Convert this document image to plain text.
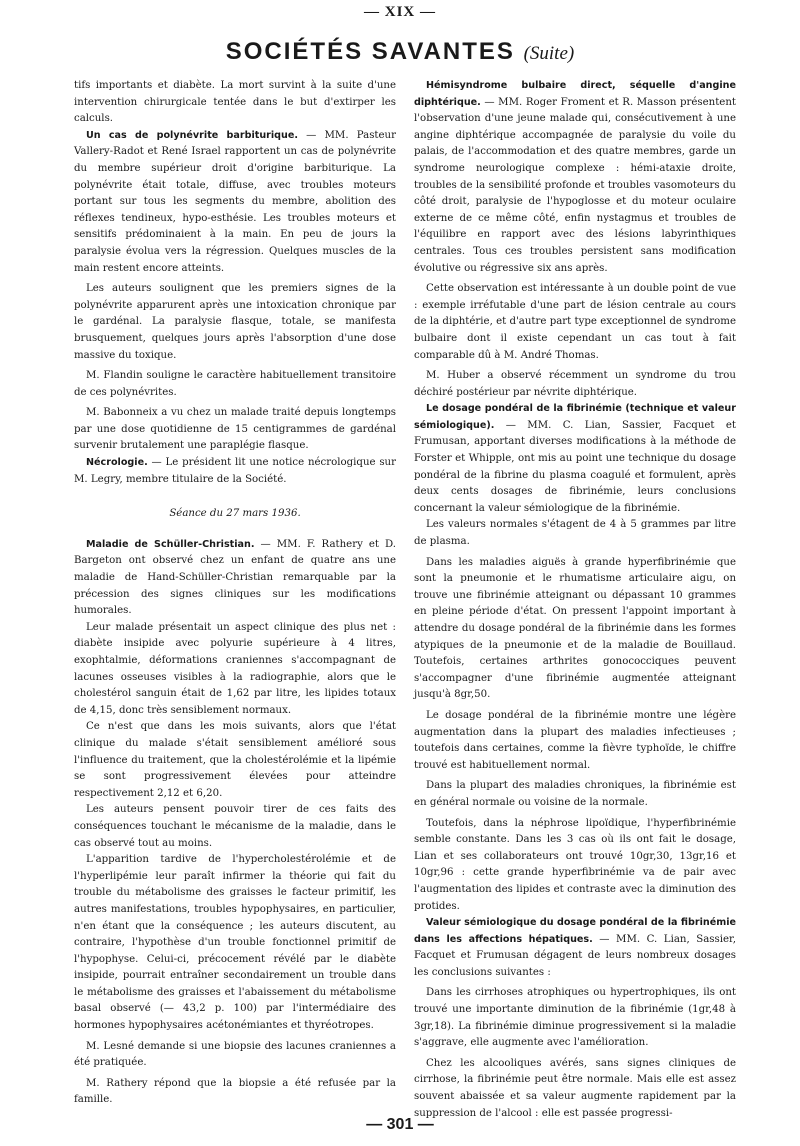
— XIX —
SOCIÉTÉS SAVANTES (Suite)

tifs importants et diabète. La mort survint à la suite d'une intervention chirurgicale tentée dans le but d'extirper les calculs.

Un cas de polynévrite barbiturique. — MM. Pasteur Vallery-Radot et René Israel rapportent un cas de polynévrite du membre supérieur droit d'origine barbiturique. La polynévrite était totale, diffuse, avec troubles moteurs portant sur tous les segments du membre, abolition des réflexes tendineux, hypo-esthésie. Les troubles moteurs et sensitifs prédominaient à la main. En peu de jours la paralysie évolua vers la régression. Quelques muscles de la main restent encore atteints.

Les auteurs soulignent que les premiers signes de la polynévrite apparurent après une intoxication chronique par le gardénal. La paralysie flasque, totale, se manifesta brusquement, quelques jours après l'absorption d'une dose massive du toxique.

M. Flandin souligne le caractère habituellement transitoire de ces polynévrites.

M. Babonneix a vu chez un malade traité depuis longtemps par une dose quotidienne de 15 centigrammes de gardénal survenir brutalement une paraplégie flasque.

Nécrologie. — Le président lit une notice nécrologique sur M. Legry, membre titulaire de la Société.

Séance du 27 mars 1936.

Maladie de Schüller-Christian. — MM. F. Rathery et D. Bargeton ont observé chez un enfant de quatre ans une maladie de Hand-Schüller-Christian remarquable par la précession des signes cliniques sur les modifications humorales.

Leur malade présentait un aspect clinique des plus net : diabète insipide avec polyurie supérieure à 4 litres, exophtalmie, déformations craniennes s'accompagnant de lacunes osseuses visibles à la radiographie, alors que le cholestérol sanguin était de 1,62 par litre, les lipides totaux de 4,15, donc très sensiblement normaux.

Ce n'est que dans les mois suivants, alors que l'état clinique du malade s'était sensiblement amélioré sous l'influence du traitement, que la cholestérolémie et la lipémie se sont progressivement élevées pour atteindre respectivement 2,12 et 6,20.

Les auteurs pensent pouvoir tirer de ces faits des conséquences touchant le mécanisme de la maladie, dans le cas observé tout au moins.

L'apparition tardive de l'hypercholestérolémie et de l'hyperlipémie leur paraît infirmer la théorie qui fait du trouble du métabolisme des graisses le facteur primitif, les autres manifestations, troubles hypophysaires, en particulier, n'en étant que la conséquence ; les auteurs discutent, au contraire, l'hypothèse d'un trouble fonctionnel primitif de l'hypophyse. Celui-ci, précocement révélé par le diabète insipide, pourrait entraîner secondairement un trouble dans le métabolisme des graisses et l'abaissement du métabolisme basal observé (— 43,2 p. 100) par l'intermédiaire des hormones hypophysaires acétonémiantes et thyréotropes.

M. Lesné demande si une biopsie des lacunes craniennes a été pratiquée.

M. Rathery répond que la biopsie a été refusée par la famille.

Hémisyndrome bulbaire direct, séquelle d'angine diphtérique. — MM. Roger Froment et R. Masson présentent l'observation d'une jeune malade qui, consécutivement à une angine diphtérique accompagnée de paralysie du voile du palais, de l'accommodation et des quatre membres, garde un syndrome neurologique complexe : hémi-ataxie droite, troubles de la sensibilité profonde et troubles vasomoteurs du côté droit, paralysie de l'hypoglosse et du moteur oculaire externe de ce même côté, enfin nystagmus et troubles de l'équilibre en rapport avec des lésions labyrinthiques centrales. Tous ces troubles persistent sans modification évolutive ou régressive six ans après.

Cette observation est intéressante à un double point de vue : exemple irréfutable d'une part de lésion centrale au cours de la diphtérie, et d'autre part type exceptionnel de syndrome bulbaire dont il existe cependant un cas tout à fait comparable dû à M. André Thomas.

M. Huber a observé récemment un syndrome du trou déchiré postérieur par névrite diphtérique.

Le dosage pondéral de la fibrinémie (technique et valeur sémiologique). — MM. C. Lian, Sassier, Facquet et Frumusan, apportant diverses modifications à la méthode de Forster et Whipple, ont mis au point une technique du dosage pondéral de la fibrine du plasma coagulé et formulent, après deux cents dosages de fibrinémie, leurs conclusions concernant la valeur sémiologique de la fibrinémie.

Les valeurs normales s'étagent de 4 à 5 grammes par litre de plasma.

Dans les maladies aiguës à grande hyperfibrinémie que sont la pneumonie et le rhumatisme articulaire aigu, on trouve une fibrinémie atteignant ou dépassant 10 grammes en pleine période d'état. On pressent l'appoint important à attendre du dosage pondéral de la fibrinémie dans les formes atypiques de la pneumonie et de la maladie de Bouillaud. Toutefois, certaines arthrites gonococciques peuvent s'accompagner d'une fibrinémie augmentée atteignant jusqu'à 8gr,50.

Le dosage pondéral de la fibrinémie montre une légère augmentation dans la plupart des maladies infectieuses ; toutefois dans certaines, comme la fièvre typhoïde, le chiffre trouvé est habituellement normal.

Dans la plupart des maladies chroniques, la fibrinémie est en général normale ou voisine de la normale.

Toutefois, dans la néphrose lipoïdique, l'hyperfibrinémie semble constante. Dans les 3 cas où ils ont fait le dosage, Lian et ses collaborateurs ont trouvé 10gr,30, 13gr,16 et 10gr,96 : cette grande hyperfibrinémie va de pair avec l'augmentation des lipides et contraste avec la diminution des protides.

Valeur sémiologique du dosage pondéral de la fibrinémie dans les affections hépatiques. — MM. C. Lian, Sassier, Facquet et Frumusan dégagent de leurs nombreux dosages les conclusions suivantes :

Dans les cirrhoses atrophiques ou hypertrophiques, ils ont trouvé une importante diminution de la fibrinémie (1gr,48 à 3gr,18). La fibrinémie diminue progressivement si la maladie s'aggrave, elle augmente avec l'amélioration.

Chez les alcooliques avérés, sans signes cliniques de cirrhose, la fibrinémie peut être normale. Mais elle est assez souvent abaissée et sa valeur augmente rapidement par la suppression de l'alcool : elle est passée progressi-

— 301 —
